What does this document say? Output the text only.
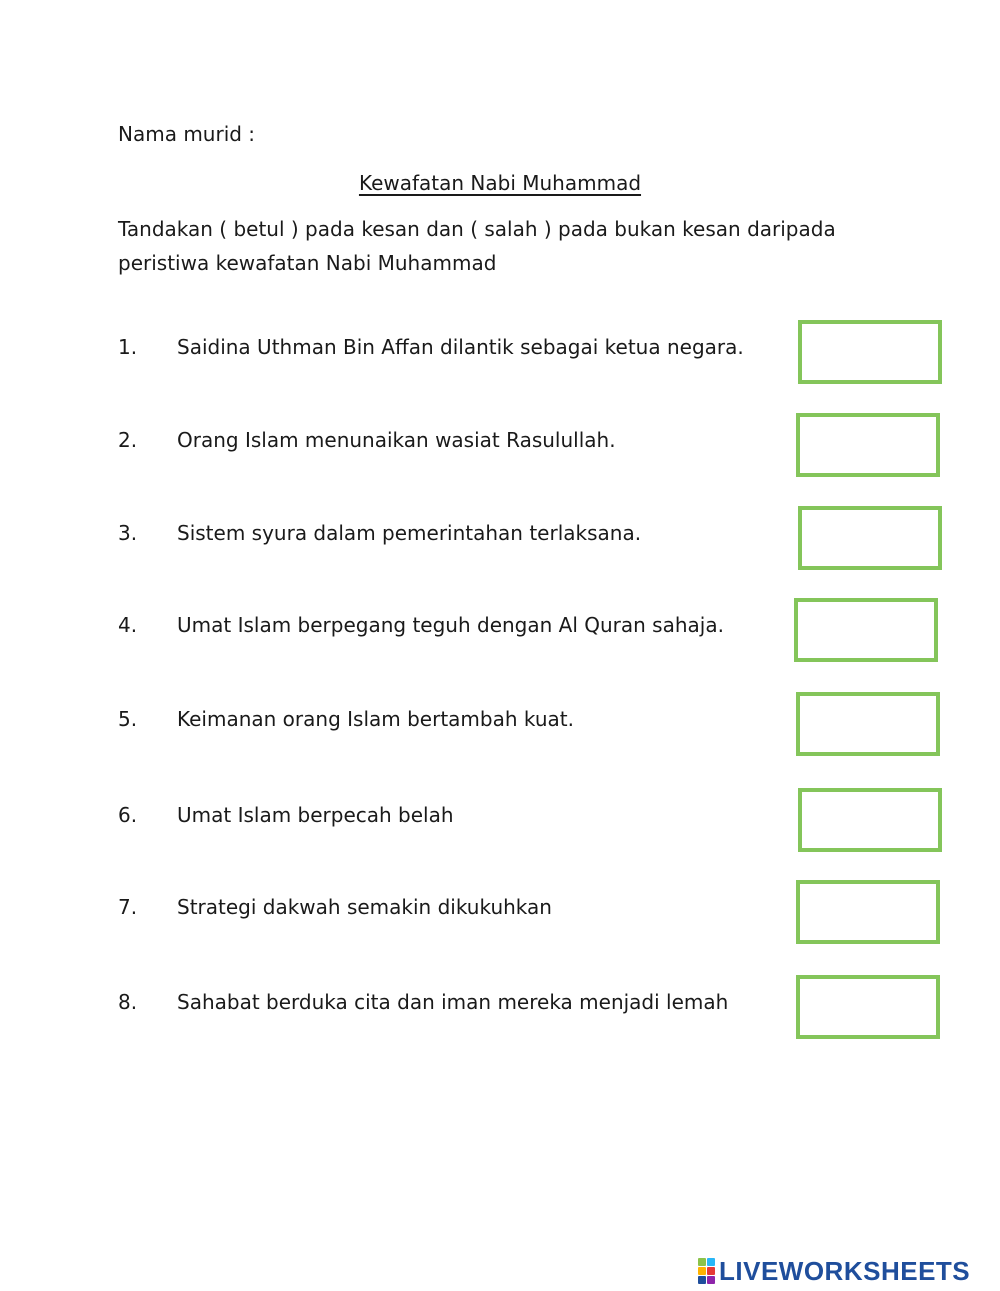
Nama murid :
Kewafatan Nabi Muhammad
Tandakan ( betul ) pada kesan dan ( salah ) pada bukan kesan daripada peristiwa kewafatan Nabi Muhammad
1. Saidina Uthman Bin Affan dilantik sebagai ketua negara.
2. Orang Islam menunaikan wasiat Rasulullah.
3. Sistem syura dalam pemerintahan terlaksana.
4. Umat Islam berpegang teguh dengan Al Quran sahaja.
5. Keimanan orang Islam bertambah kuat.
6. Umat Islam berpecah belah
7. Strategi dakwah semakin dikukuhkan
8. Sahabat berduka cita dan iman mereka menjadi lemah
LIVEWORKSHEETS
